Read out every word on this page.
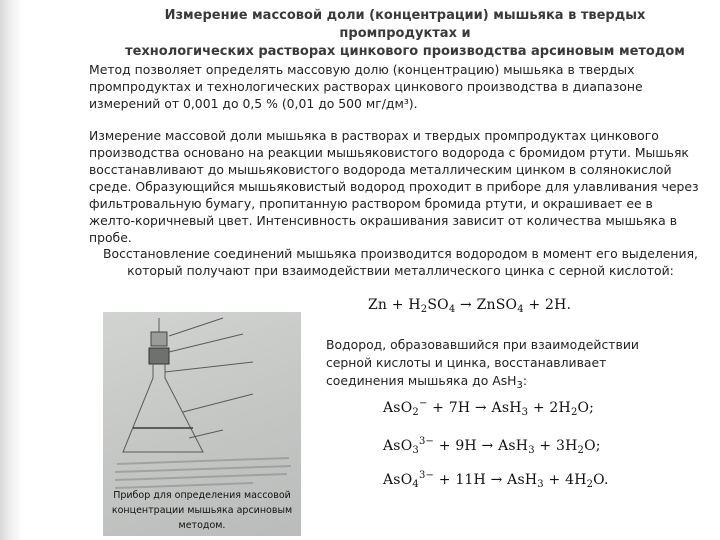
Измерение массовой доли (концентрации) мышьяка в твердых промпродуктах и
технологических растворах цинкового производства арсиновым методом
Метод позволяет определять массовую долю (концентрацию) мышьяка в твердых промпродуктах и технологических растворах цинкового производства в диапазоне измерений от 0,001 до 0,5 % (0,01 до 500 мг/дм³).
Измерение массовой доли мышьяка в растворах и твердых промпродуктах цинкового производства основано на реакции мышьяковистого водорода с бромидом ртути. Мышьяк восстанавливают до мышьяковистого водорода металлическим цинком в солянокислой среде. Образующийся мышьяковистый водород проходит в приборе для улавливания через фильтровальную бумагу, пропитанную раствором бромида ртути, и окрашивает ее в желто-коричневый цвет. Интенсивность окрашивания зависит от количества мышьяка в пробе.
Восстановление соединений мышьяка производится водородом в момент его выделения, который получают при взаимодействии металлического цинка с серной кислотой:
$Zn + H_2SO_4$ → ZnSO$_4$ + 2H.
Водород, образовавшийся при взаимодействии серной кислоты и цинка, восстанавливает соединения мышьяка до AsH$_3$:
$AsO_2^- + 7H \to AsH_3 + 2H_2O$;
$AsO_3^{3-} + 9H \to AsH_3 + 3H_2O$;
$AsO_4^{3-} + 11H \to AsH_3 + 4H_2O$.
Прибор для определения массовой концентрации мышьяка арсиновым методом.
